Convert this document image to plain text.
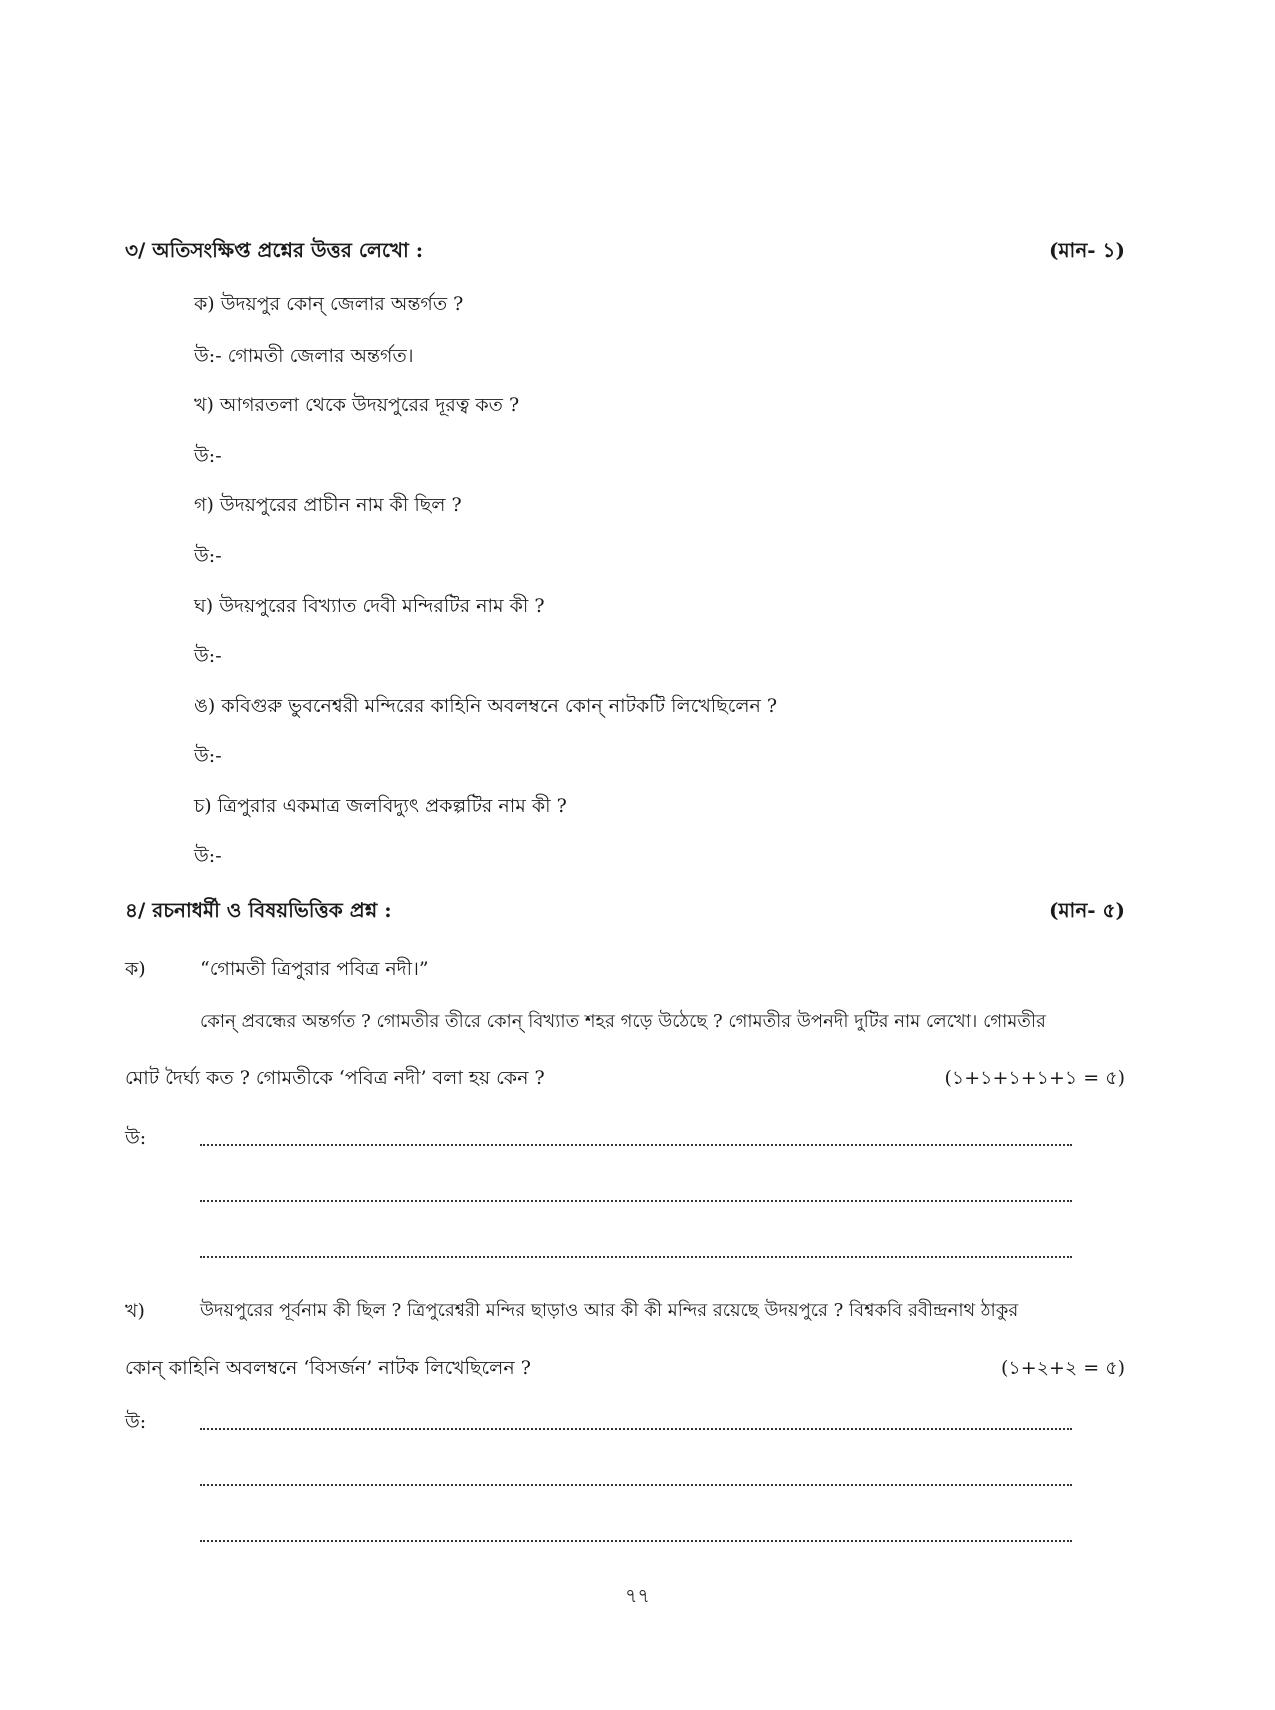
৩/ অতিসংক্ষিপ্ত প্রশ্নের উত্তর লেখো :	(মান- ১)
ক) উদয়পুর কোন্ জেলার অন্তর্গত ?
উ:- গোমতী জেলার অন্তর্গত।
খ) আগরতলা থেকে উদয়পুরের দূরত্ব কত ?
উ:-
গ) উদয়পুরের প্রাচীন নাম কী ছিল ?
উ:-
ঘ) উদয়পুরের বিখ্যাত দেবী মন্দিরটির নাম কী ?
উ:-
ঙ) কবিগুরু ভুবনেশ্বরী মন্দিরের কাহিনি অবলম্বনে কোন্ নাটকটি লিখেছিলেন ?
উ:-
চ) ত্রিপুরার একমাত্র জলবিদ্যুৎ প্রকল্পটির নাম কী ?
উ:-
৪/ রচনাধর্মী ও বিষয়ভিত্তিক প্রশ্ন :	(মান- ৫)
ক)	“গোমতী ত্রিপুরার পবিত্র নদী।”
কোন্ প্রবন্ধের অন্তর্গত ? গোমতীর তীরে কোন্ বিখ্যাত শহর গড়ে উঠেছে ? গোমতীর উপনদী দুটির নাম লেখো। গোমতীর
মোট দৈর্ঘ্য কত ? গোমতীকে ‘পবিত্র নদী’ বলা হয় কেন ?	(১+১+১+১+১ = ৫)
উ:
খ)	উদয়পুরের পূর্বনাম কী ছিল ? ত্রিপুরেশ্বরী মন্দির ছাড়াও আর কী কী মন্দির রয়েছে উদয়পুরে ? বিশ্বকবি রবীন্দ্রনাথ ঠাকুর
কোন্ কাহিনি অবলম্বনে ‘বিসর্জন’ নাটক লিখেছিলেন ?	(১+২+২ = ৫)
উ:
৭৭
